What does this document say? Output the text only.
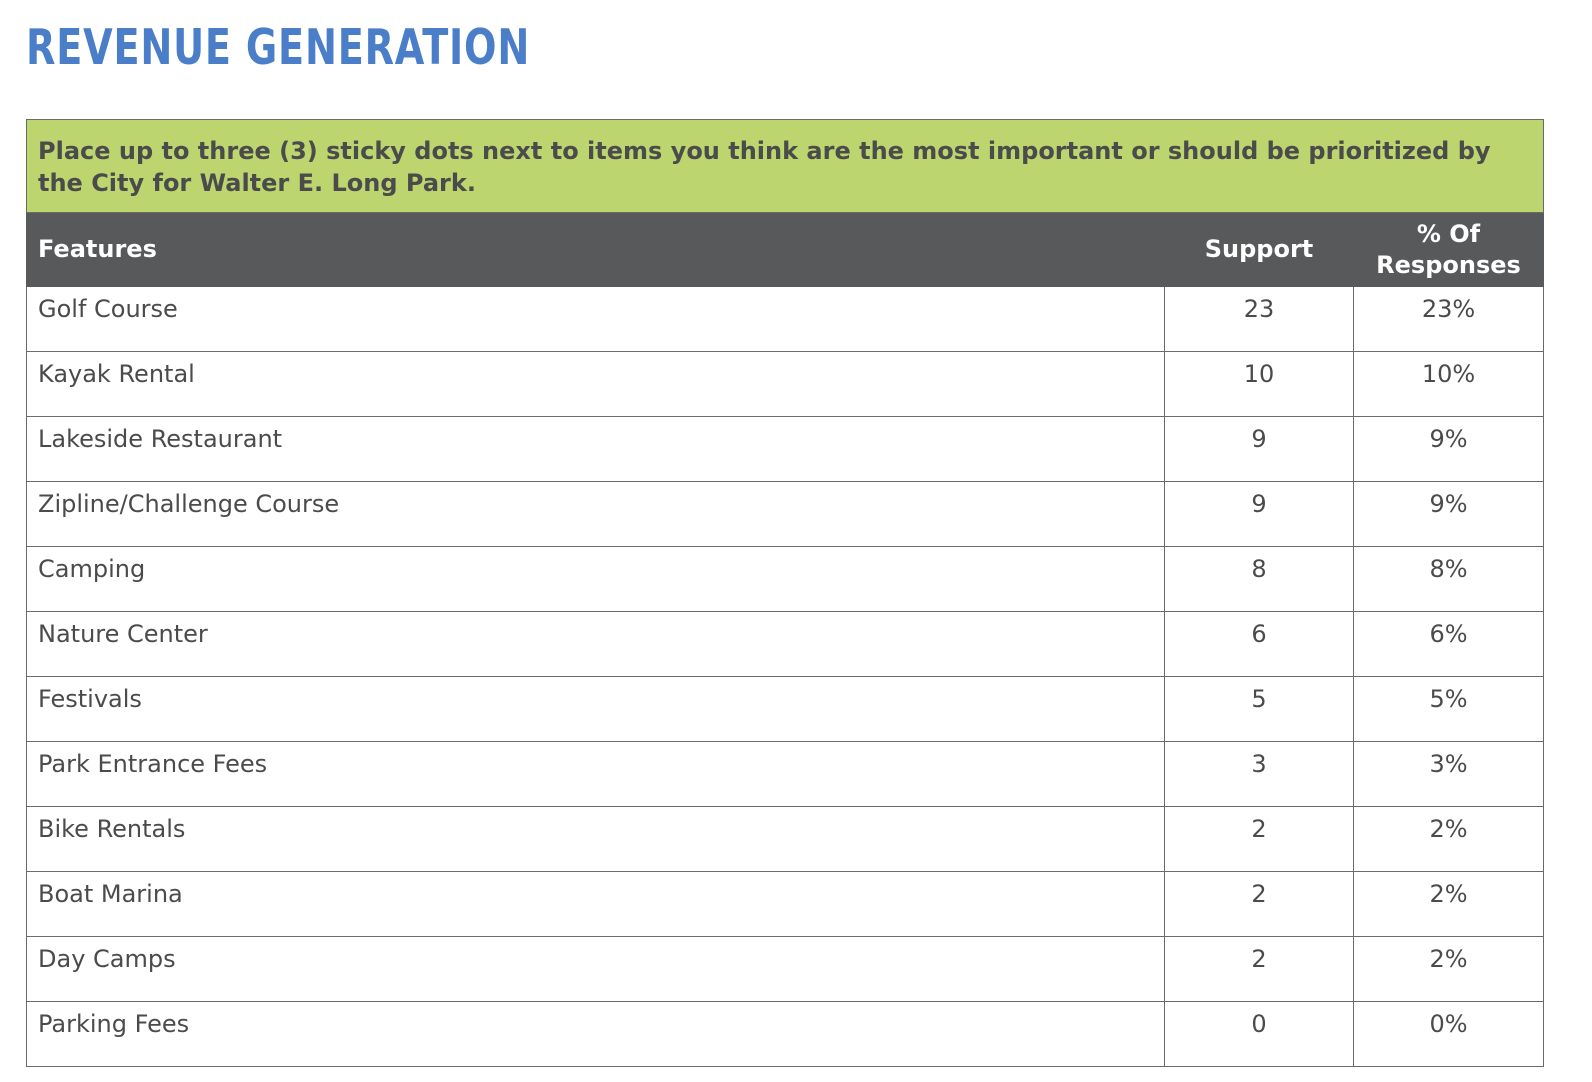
REVENUE GENERATION
Place up to three (3) sticky dots next to items you think are the most important or should be prioritized by the City for Walter E. Long Park.		
Features	Support	% Of
Responses
Golf Course	23	23%
Kayak Rental	10	10%
Lakeside Restaurant	9	9%
Zipline/Challenge Course	9	9%
Camping	8	8%
Nature Center	6	6%
Festivals	5	5%
Park Entrance Fees	3	3%
Bike Rentals	2	2%
Boat Marina	2	2%
Day Camps	2	2%
Parking Fees	0	0%
